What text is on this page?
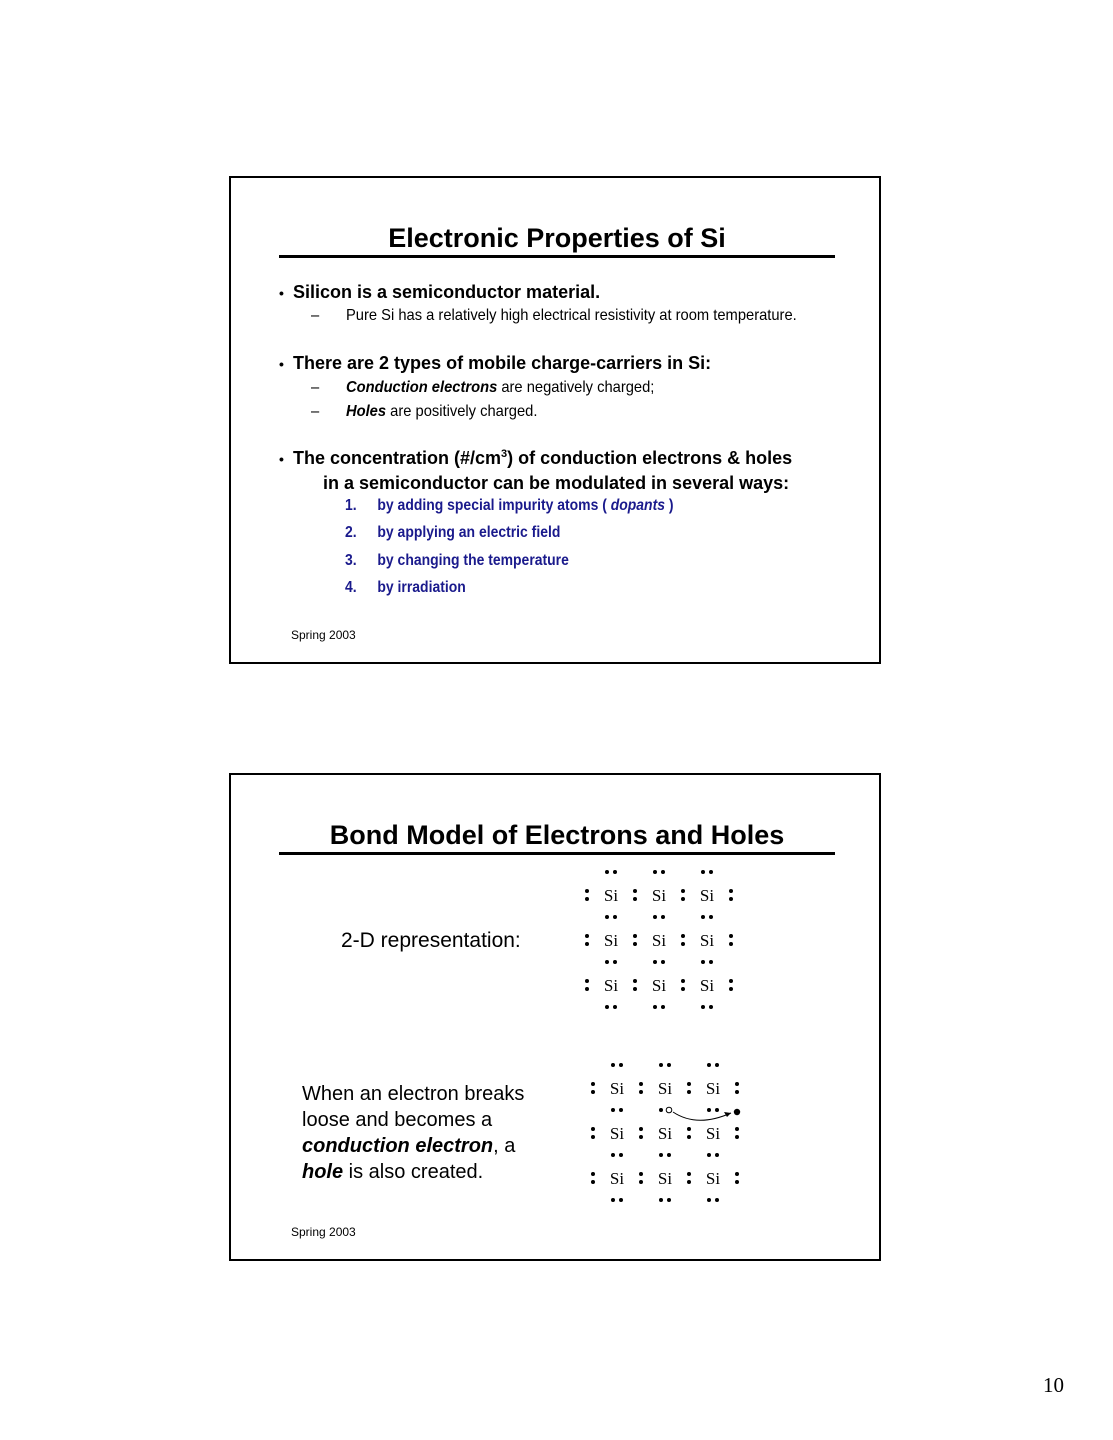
Electronic Properties of Si
• Silicon is a semiconductor material.
– Pure Si has a relatively high electrical resistivity at room temperature.
• There are 2 types of mobile charge-carriers in Si:
– Conduction electrons are negatively charged;
– Holes are positively charged.
• The concentration $(\#/cm^3)$ of conduction electrons & holes
in a semiconductor can be modulated in several ways:
1. by adding special impurity atoms ( dopants )
2. by applying an electric field
3. by changing the temperature
4. by irradiation
Spring 2003
Bond Model of Electrons and Holes
2-D representation:
Si Si Si
Si Si Si
Si Si Si
When an electron breaks loose and becomes a conduction electron, a hole is also created.
Si Si Si
Si Si Si
Si Si Si
Spring 2003
10
